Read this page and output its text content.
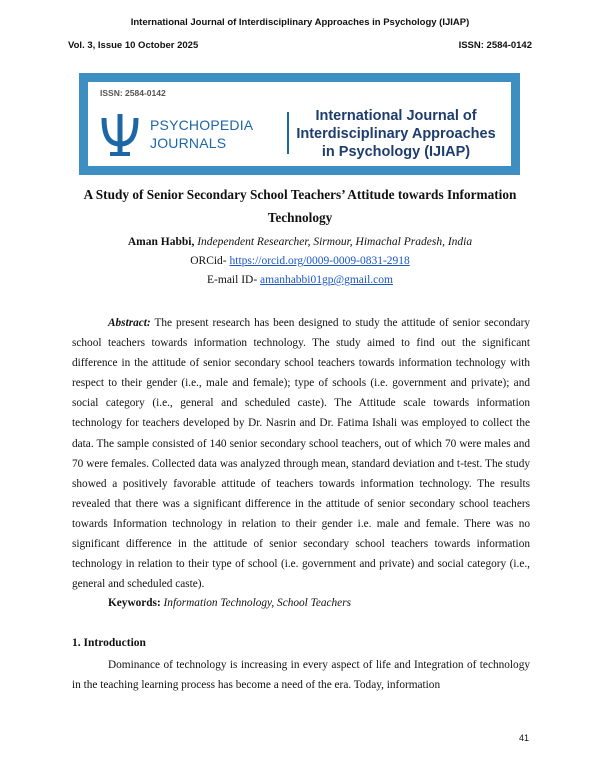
International Journal of Interdisciplinary Approaches in Psychology (IJIAP)
Vol. 3, Issue 10 October 2025	ISSN: 2584-0142
ISSN: 2584-0142
PSYCHOPEDIA
JOURNALS
International Journal of
Interdisciplinary Approaches
in Psychology (IJIAP)
A Study of Senior Secondary School Teachers’ Attitude towards Information
Technology
Aman Habbi, Independent Researcher, Sirmour, Himachal Pradesh, India
ORCid- https://orcid.org/0009-0009-0831-2918
E-mail ID- amanhabbi01gp@gmail.com
Abstract: The present research has been designed to study the attitude of senior secondary school teachers towards information technology. The study aimed to find out the significant difference in the attitude of senior secondary school teachers towards information technology with respect to their gender (i.e., male and female); type of schools (i.e. government and private); and social category (i.e., general and scheduled caste). The Attitude scale towards information technology for teachers developed by Dr. Nasrin and Dr. Fatima Ishali was employed to collect the data. The sample consisted of 140 senior secondary school teachers, out of which 70 were males and 70 were females. Collected data was analyzed through mean, standard deviation and t-test. The study showed a positively favorable attitude of teachers towards information technology. The results revealed that there was a significant difference in the attitude of senior secondary school teachers towards Information technology in relation to their gender i.e. male and female. There was no significant difference in the attitude of senior secondary school teachers towards information technology in relation to their type of school (i.e. government and private) and social category (i.e., general and scheduled caste).
Keywords: Information Technology, School Teachers
1. Introduction
Dominance of technology is increasing in every aspect of life and Integration of technology in the teaching learning process has become a need of the era. Today, information
41
